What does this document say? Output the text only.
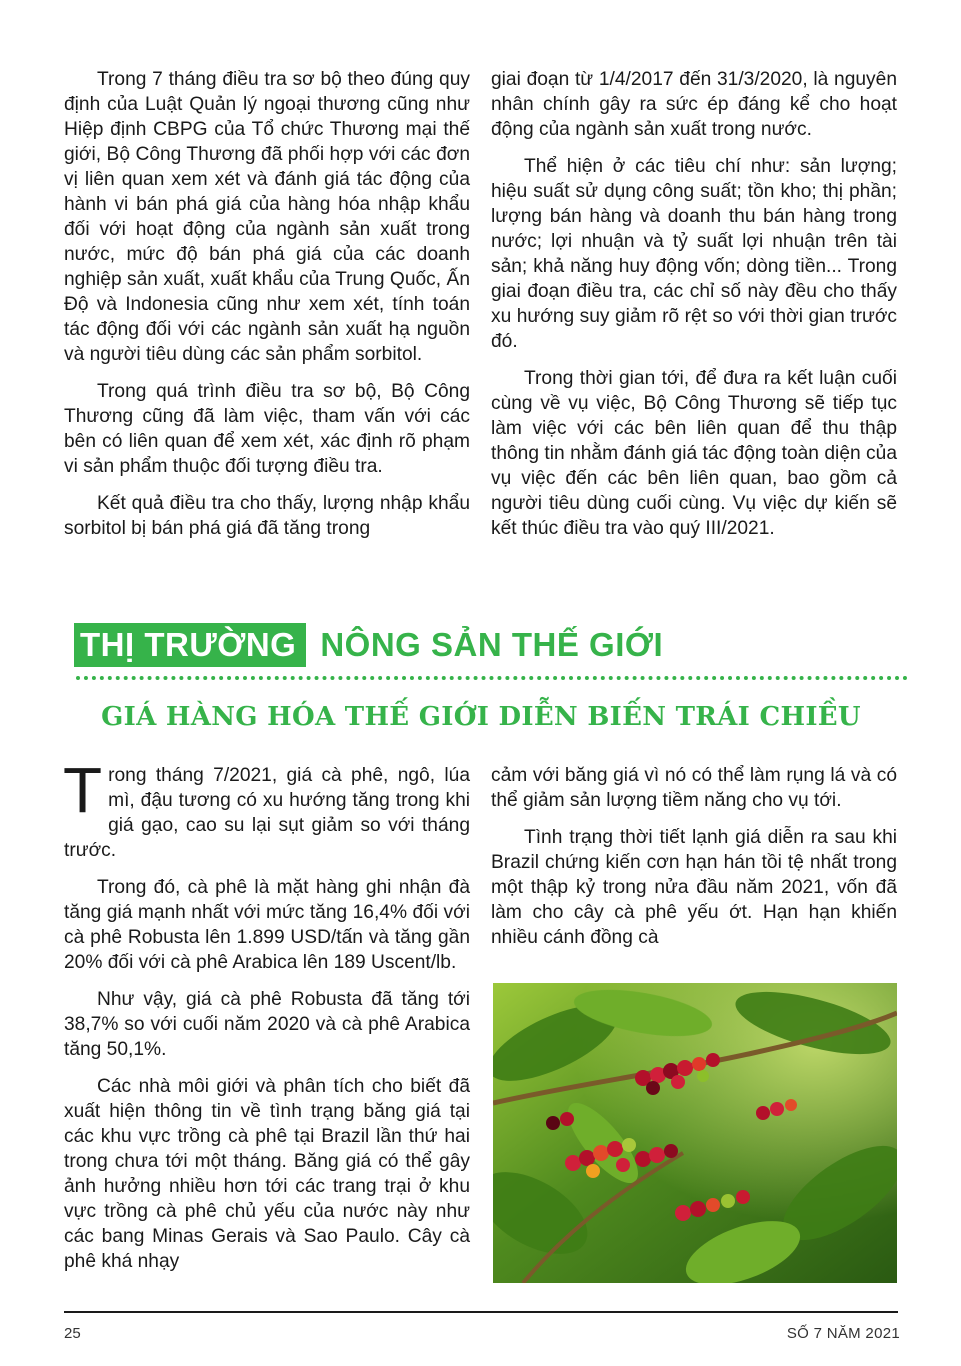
Trong 7 tháng điều tra sơ bộ theo đúng quy định của Luật Quản lý ngoại thương cũng như Hiệp định CBPG của Tổ chức Thương mại thế giới, Bộ Công Thương đã phối hợp với các đơn vị liên quan xem xét và đánh giá tác động của hành vi bán phá giá của hàng hóa nhập khẩu đối với hoạt động của ngành sản xuất trong nước, mức độ bán phá giá của các doanh nghiệp sản xuất, xuất khẩu của Trung Quốc, Ấn Độ và Indonesia cũng như xem xét, tính toán tác động đối với các ngành sản xuất hạ nguồn và người tiêu dùng các sản phẩm sorbitol.

Trong quá trình điều tra sơ bộ, Bộ Công Thương cũng đã làm việc, tham vấn với các bên có liên quan để xem xét, xác định rõ phạm vi sản phẩm thuộc đối tượng điều tra.

Kết quả điều tra cho thấy, lượng nhập khẩu sorbitol bị bán phá giá đã tăng trong

giai đoạn từ 1/4/2017 đến 31/3/2020, là nguyên nhân chính gây ra sức ép đáng kể cho hoạt động của ngành sản xuất trong nước.

Thể hiện ở các tiêu chí như: sản lượng; hiệu suất sử dụng công suất; tồn kho; thị phần; lượng bán hàng và doanh thu bán hàng trong nước; lợi nhuận và tỷ suất lợi nhuận trên tài sản; khả năng huy động vốn; dòng tiền... Trong giai đoạn điều tra, các chỉ số này đều cho thấy xu hướng suy giảm rõ rệt so với thời gian trước đó.

Trong thời gian tới, để đưa ra kết luận cuối cùng về vụ việc, Bộ Công Thương sẽ tiếp tục làm việc với các bên liên quan để thu thập thông tin nhằm đánh giá tác động toàn diện của vụ việc đến các bên liên quan, bao gồm cả người tiêu dùng cuối cùng. Vụ việc dự kiến sẽ kết thúc điều tra vào quý III/2021.

THỊ TRƯỜNG NÔNG SẢN THẾ GIỚI
GIÁ HÀNG HÓA THẾ GIỚI DIỄN BIẾN TRÁI CHIỀU

Trong tháng 7/2021, giá cà phê, ngô, lúa mì, đậu tương có xu hướng tăng trong khi giá gạo, cao su lại sụt giảm so với tháng trước.

Trong đó, cà phê là mặt hàng ghi nhận đà tăng giá mạnh nhất với mức tăng 16,4% đối với cà phê Robusta lên 1.899 USD/tấn và tăng gần 20% đối với cà phê Arabica lên 189 Uscent/lb.

Như vậy, giá cà phê Robusta đã tăng tới 38,7% so với cuối năm 2020 và cà phê Arabica tăng 50,1%.

Các nhà môi giới và phân tích cho biết đã xuất hiện thông tin về tình trạng băng giá tại các khu vực trồng cà phê tại Brazil lần thứ hai trong chưa tới một tháng. Băng giá có thể gây ảnh hưởng nhiều hơn tới các trang trại ở khu vực trồng cà phê chủ yếu của nước này như các bang Minas Gerais và Sao Paulo. Cây cà phê khá nhạy

cảm với băng giá vì nó có thể làm rụng lá và có thể giảm sản lượng tiềm năng cho vụ tới.

Tình trạng thời tiết lạnh giá diễn ra sau khi Brazil chứng kiến cơn hạn hán tồi tệ nhất trong một thập kỷ trong nửa đầu năm 2021, vốn đã làm cho cây cà phê yếu ớt. Hạn hạn khiến nhiều cánh đồng cà

25	SỐ 7 NĂM 2021
